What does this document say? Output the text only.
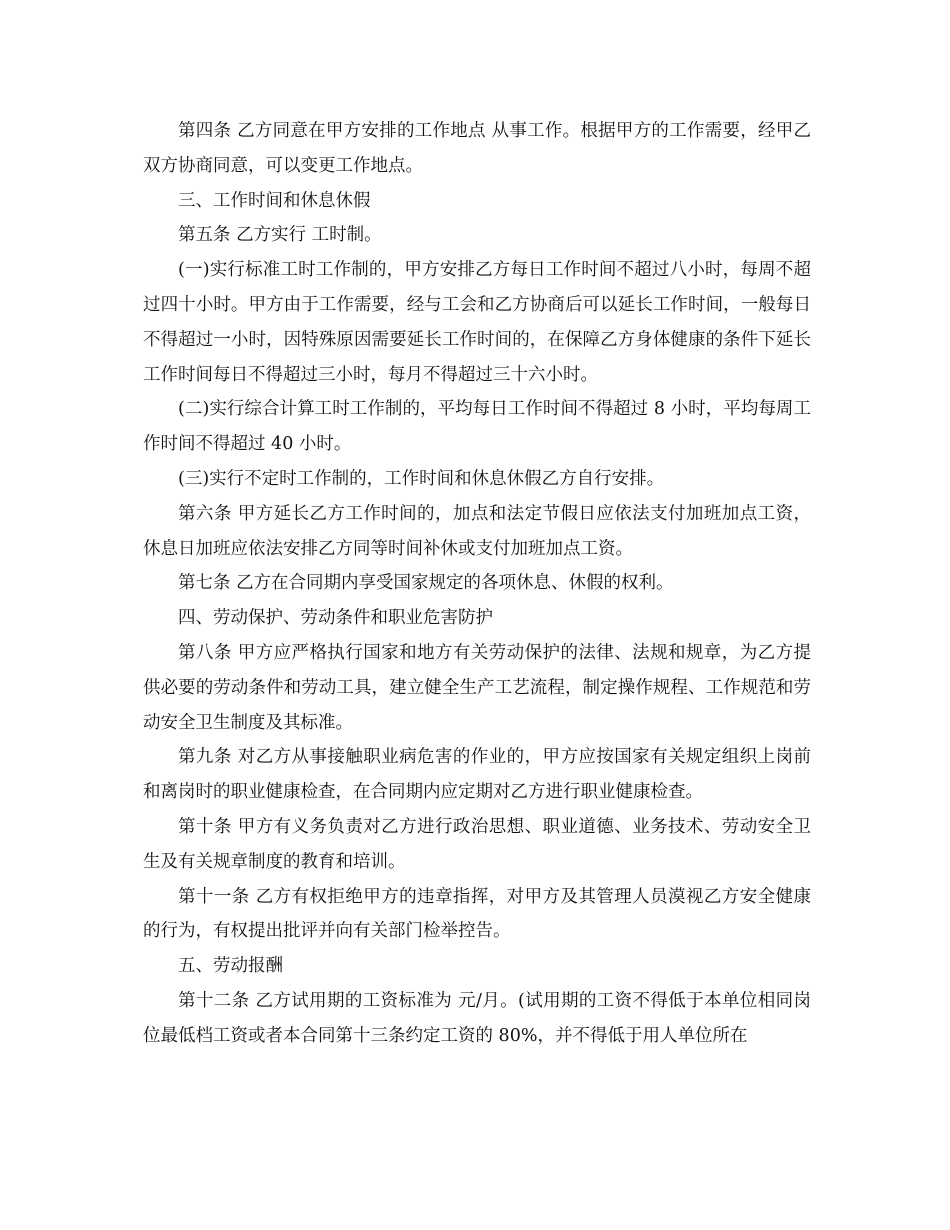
第四条 乙方同意在甲方安排的工作地点 从事工作。根据甲方的工作需要，经甲乙双方协商同意，可以变更工作地点。

三、工作时间和休息休假

第五条 乙方实行 工时制。

(一)实行标准工时工作制的，甲方安排乙方每日工作时间不超过八小时，每周不超过四十小时。甲方由于工作需要，经与工会和乙方协商后可以延长工作时间，一般每日不得超过一小时，因特殊原因需要延长工作时间的，在保障乙方身体健康的条件下延长工作时间每日不得超过三小时，每月不得超过三十六小时。

(二)实行综合计算工时工作制的，平均每日工作时间不得超过 8 小时，平均每周工作时间不得超过 40 小时。

(三)实行不定时工作制的，工作时间和休息休假乙方自行安排。

第六条 甲方延长乙方工作时间的，加点和法定节假日应依法支付加班加点工资，休息日加班应依法安排乙方同等时间补休或支付加班加点工资。

第七条 乙方在合同期内享受国家规定的各项休息、休假的权利。

四、劳动保护、劳动条件和职业危害防护

第八条 甲方应严格执行国家和地方有关劳动保护的法律、法规和规章，为乙方提供必要的劳动条件和劳动工具，建立健全生产工艺流程，制定操作规程、工作规范和劳动安全卫生制度及其标准。

第九条 对乙方从事接触职业病危害的作业的，甲方应按国家有关规定组织上岗前和离岗时的职业健康检查，在合同期内应定期对乙方进行职业健康检查。

第十条 甲方有义务负责对乙方进行政治思想、职业道德、业务技术、劳动安全卫生及有关规章制度的教育和培训。

第十一条 乙方有权拒绝甲方的违章指挥，对甲方及其管理人员漠视乙方安全健康的行为，有权提出批评并向有关部门检举控告。

五、劳动报酬

第十二条 乙方试用期的工资标准为 元/月。(试用期的工资不得低于本单位相同岗位最低档工资或者本合同第十三条约定工资的 80%，并不得低于用人单位所在
